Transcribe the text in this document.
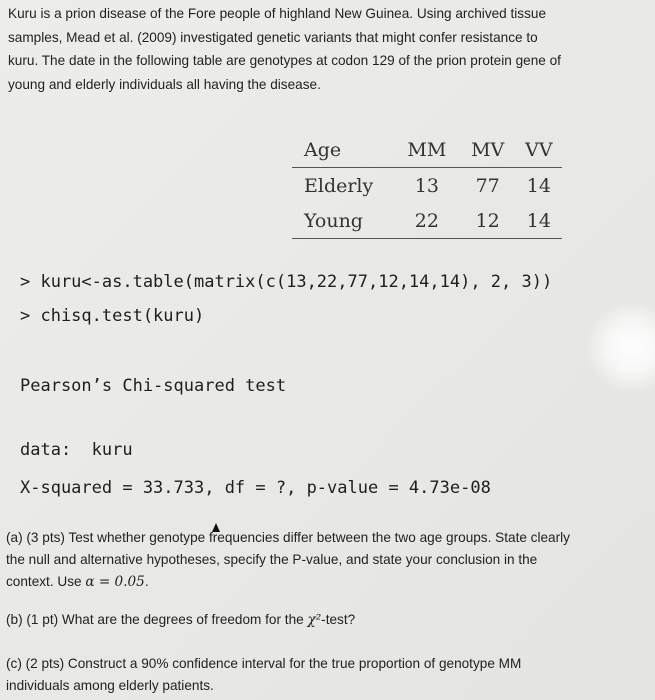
Kuru is a prion disease of the Fore people of highland New Guinea. Using archived tissue
samples, Mead et al. (2009) investigated genetic variants that might confer resistance to
kuru. The date in the following table are genotypes at codon 129 of the prion protein gene of
young and elderly individuals all having the disease.
Age	MM	MV	VV
Elderly	13	77	14
Young	22	12	14
> kuru<-as.table(matrix(c(13,22,77,12,14,14), 2, 3))
> chisq.test(kuru)
Pearson’s Chi-squared test
data:  kuru
X-squared = 33.733, df = ?, p-value = 4.73e-08
(a) (3 pts) Test whether genotype frequencies differ between the two age groups. State clearly
the null and alternative hypotheses, specify the P-value, and state your conclusion in the
context. Use α = 0.05.
(b) (1 pt) What are the degrees of freedom for the χ²-test?
(c) (2 pts) Construct a 90% confidence interval for the true proportion of genotype MM
individuals among elderly patients.
